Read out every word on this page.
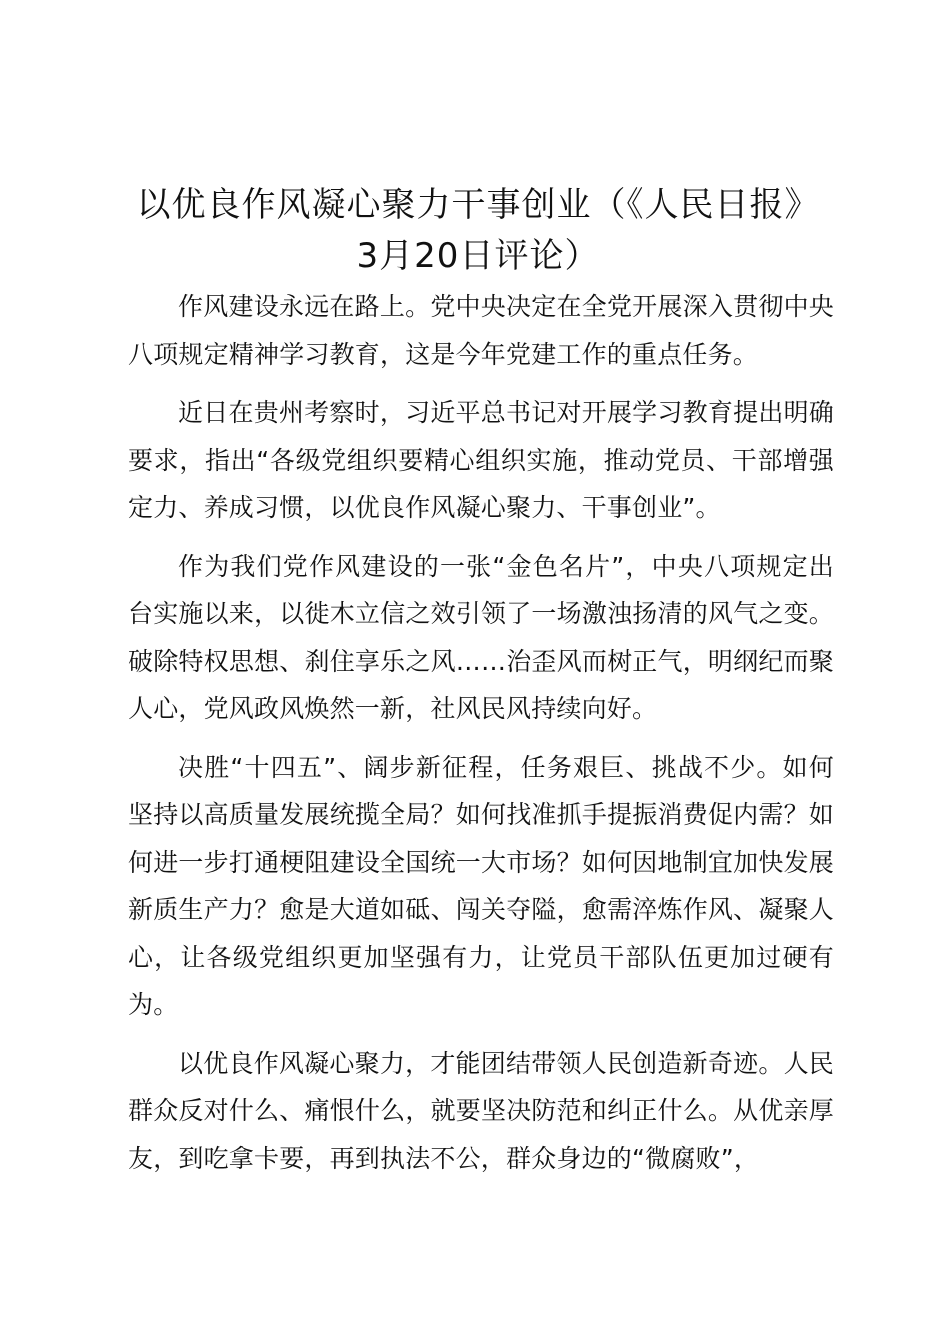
以优良作风凝心聚力干事创业（《人民日报》3月20日评论）

作风建设永远在路上。党中央决定在全党开展深入贯彻中央八项规定精神学习教育，这是今年党建工作的重点任务。

近日在贵州考察时，习近平总书记对开展学习教育提出明确要求，指出“各级党组织要精心组织实施，推动党员、干部增强定力、养成习惯，以优良作风凝心聚力、干事创业”。

作为我们党作风建设的一张“金色名片”，中央八项规定出台实施以来，以徙木立信之效引领了一场激浊扬清的风气之变。破除特权思想、刹住享乐之风……治歪风而树正气，明纲纪而聚人心，党风政风焕然一新，社风民风持续向好。

决胜“十四五”、阔步新征程，任务艰巨、挑战不少。如何坚持以高质量发展统揽全局？如何找准抓手提振消费促内需？如何进一步打通梗阻建设全国统一大市场？如何因地制宜加快发展新质生产力？愈是大道如砥、闯关夺隘，愈需淬炼作风、凝聚人心，让各级党组织更加坚强有力，让党员干部队伍更加过硬有为。

以优良作风凝心聚力，才能团结带领人民创造新奇迹。人民群众反对什么、痛恨什么，就要坚决防范和纠正什么。从优亲厚友，到吃拿卡要，再到执法不公，群众身边的“微腐败”，
